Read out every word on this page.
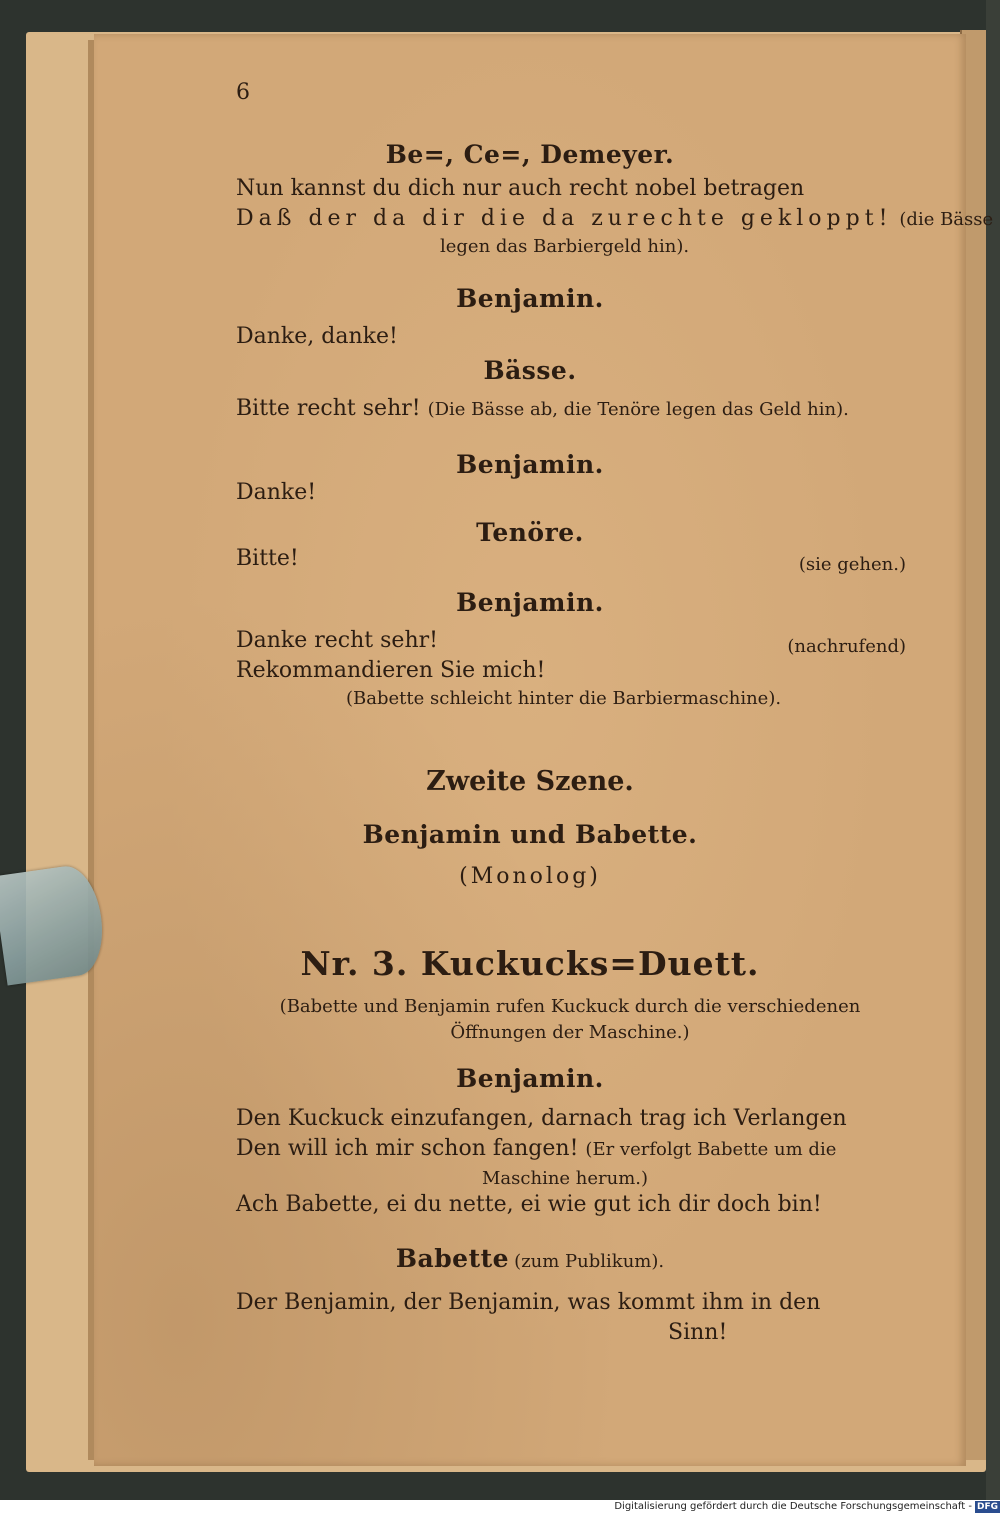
6
Be=, Ce=, Demeyer.
Nun kannst du dich nur auch recht nobel betragen
Daß der da dir die da zurechte gekloppt! (die Bässe
legen das Barbiergeld hin).
Benjamin.
Danke, danke!
Bässe.
Bitte recht sehr! (Die Bässe ab, die Tenöre legen das Geld hin).
Benjamin.
Danke!
Tenöre.
Bitte!	(sie gehen.)
Benjamin.
Danke recht sehr!	(nachrufend)
Rekommandieren Sie mich!
(Babette schleicht hinter die Barbiermaschine).
Zweite Szene.
Benjamin und Babette.
(Monolog)
Nr. 3. Kuckucks=Duett.
(Babette und Benjamin rufen Kuckuck durch die verschiedenen
Öffnungen der Maschine.)
Benjamin.
Den Kuckuck einzufangen, darnach trag ich Verlangen
Den will ich mir schon fangen! (Er verfolgt Babette um die
Maschine herum.)
Ach Babette, ei du nette, ei wie gut ich dir doch bin!
Babette (zum Publikum).
Der Benjamin, der Benjamin, was kommt ihm in den
Sinn!
Digitalisierung gefördert durch die Deutsche Forschungsgemeinschaft - DFG
